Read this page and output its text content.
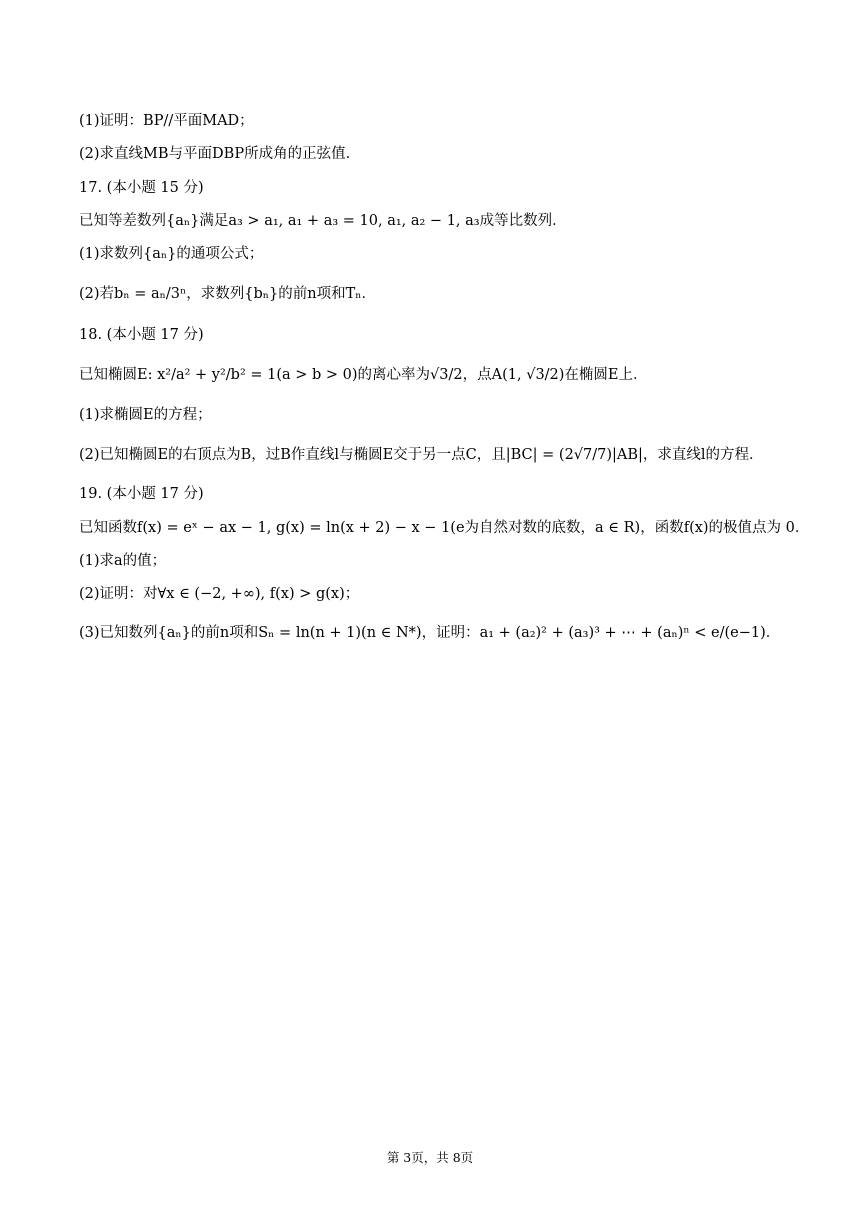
(1)证明：BP//平面MAD；
(2)求直线MB与平面DBP所成角的正弦值．
17. (本小题 15 分)
已知等差数列{aₙ}满足a₃ > a₁, a₁ + a₃ = 10, a₁, a₂ − 1, a₃成等比数列．
(1)求数列{aₙ}的通项公式；
(2)若bₙ = aₙ/3ⁿ，求数列{bₙ}的前n项和Tₙ．
18. (本小题 17 分)
已知椭圆E: x²/a² + y²/b² = 1(a > b > 0)的离心率为√3/2，点A(1, √3/2)在椭圆E上．
(1)求椭圆E的方程；
(2)已知椭圆E的右顶点为B，过B作直线l与椭圆E交于另一点C，且|BC| = (2√7/7)|AB|，求直线l的方程．
19. (本小题 17 分)
已知函数f(x) = eˣ − ax − 1, g(x) = ln(x + 2) − x − 1(e为自然对数的底数，a ∈ R)，函数f(x)的极值点为 0．
(1)求a的值；
(2)证明：对∀x ∈ (−2, +∞), f(x) > g(x)；
(3)已知数列{aₙ}的前n项和Sₙ = ln(n + 1)(n ∈ N*)，证明：a₁ + (a₂)² + (a₃)³ + ⋯ + (aₙ)ⁿ < e/(e−1)．
第 3页，共 8页
